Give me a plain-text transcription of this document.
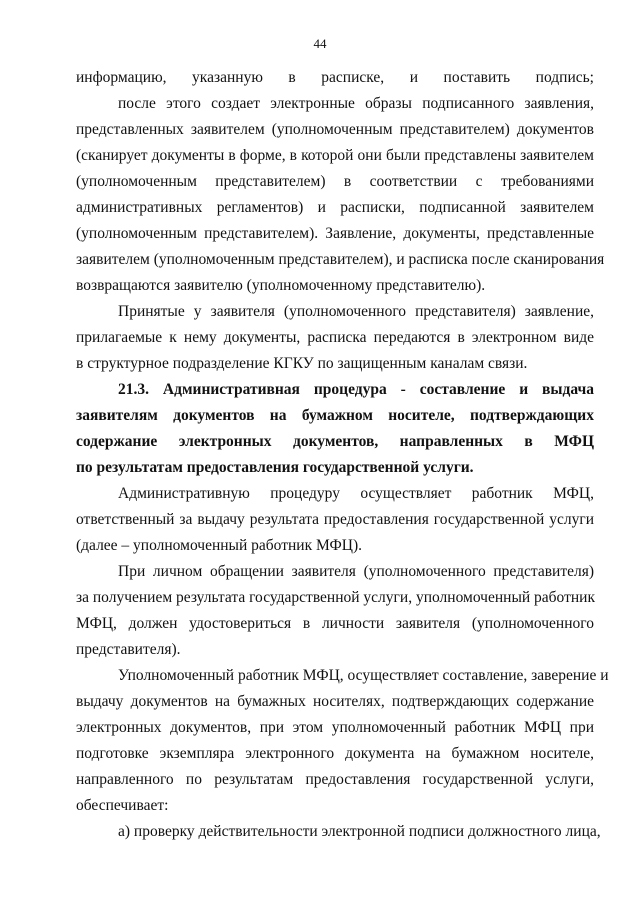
44
информацию, указанную в расписке, и поставить подпись;
после этого создает электронные образы подписанного заявления,
представленных заявителем (уполномоченным представителем) документов
(сканирует документы в форме, в которой они были представлены заявителем
(уполномоченным представителем) в соответствии с требованиями
административных регламентов) и расписки, подписанной заявителем
(уполномоченным представителем). Заявление, документы, представленные
заявителем (уполномоченным представителем), и расписка после сканирования
возвращаются заявителю (уполномоченному представителю).
Принятые у заявителя (уполномоченного представителя) заявление,
прилагаемые к нему документы, расписка передаются в электронном виде
в структурное подразделение КГКУ по защищенным каналам связи.
21.3. Административная процедура - составление и выдача
заявителям документов на бумажном носителе, подтверждающих
содержание электронных документов, направленных в МФЦ
по результатам предоставления государственной услуги.
Административную процедуру осуществляет работник МФЦ,
ответственный за выдачу результата предоставления государственной услуги
(далее – уполномоченный работник МФЦ).
При личном обращении заявителя (уполномоченного представителя)
за получением результата государственной услуги, уполномоченный работник
МФЦ, должен удостовериться в личности заявителя (уполномоченного
представителя).
Уполномоченный работник МФЦ, осуществляет составление, заверение и
выдачу документов на бумажных носителях, подтверждающих содержание
электронных документов, при этом уполномоченный работник МФЦ при
подготовке экземпляра электронного документа на бумажном носителе,
направленного по результатам предоставления государственной услуги,
обеспечивает:
а) проверку действительности электронной подписи должностного лица,
